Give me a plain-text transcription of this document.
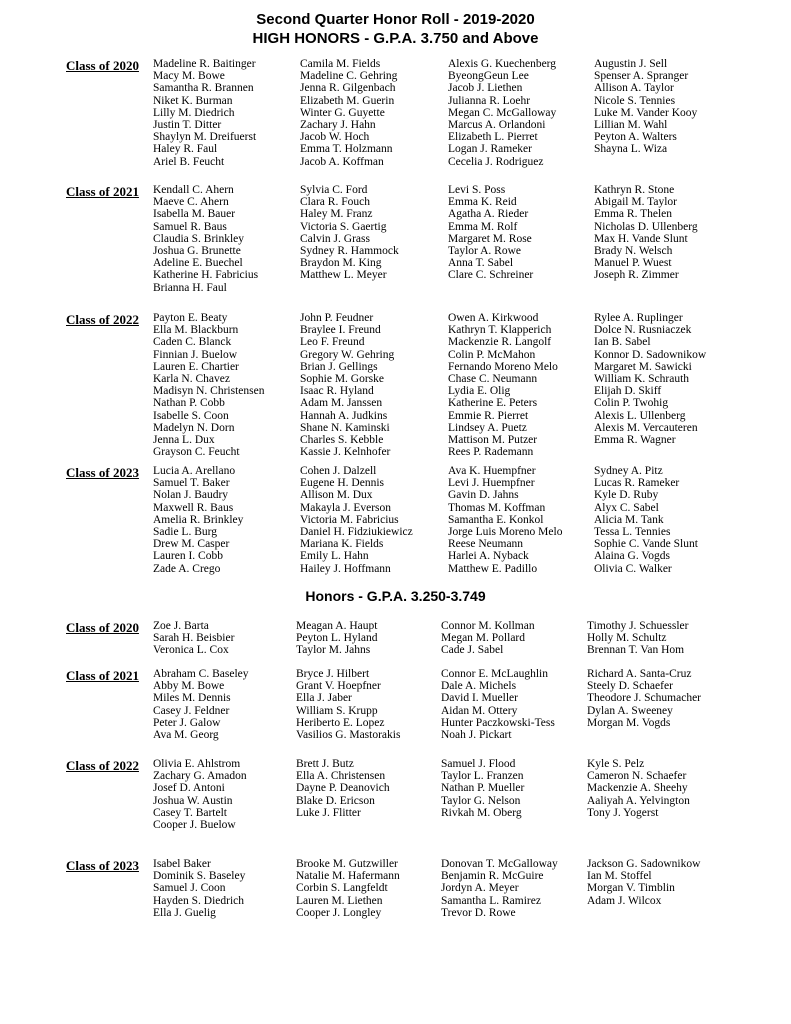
Second Quarter Honor Roll - 2019-2020
HIGH HONORS - G.P.A. 3.750 and Above
Class of 2020 Madeline R. Baitinger
Macy M. Bowe
Samantha R. Brannen
Niket K. Burman
Lilly M. Diedrich
Justin T. Ditter
Shaylyn M. Dreifuerst
Haley R. Faul
Ariel B. Feucht
Camila M. Fields
Madeline C. Gehring
Jenna R. Gilgenbach
Elizabeth M. Guerin
Winter G. Guyette
Zachary J. Hahn
Jacob W. Hoch
Emma T. Holzmann
Jacob A. Koffman
Alexis G. Kuechenberg
ByeongGeun Lee
Jacob J. Liethen
Julianna R. Loehr
Megan C. McGalloway
Marcus A. Orlandoni
Elizabeth L. Pierret
Logan J. Rameker
Cecelia J. Rodriguez
Augustin J. Sell
Spenser A. Spranger
Allison A. Taylor
Nicole S. Tennies
Luke M. Vander Kooy
Lillian M. Wahl
Peyton A. Walters
Shayna L. Wiza
Class of 2021 Kendall C. Ahern
Maeve C. Ahern
Isabella M. Bauer
Samuel R. Baus
Claudia S. Brinkley
Joshua G. Brunette
Adeline E. Buechel
Katherine H. Fabricius
Brianna H. Faul
Sylvia C. Ford
Clara R. Fouch
Haley M. Franz
Victoria S. Gaertig
Calvin J. Grass
Sydney R. Hammock
Braydon M. King
Matthew L. Meyer
Levi S. Poss
Emma K. Reid
Agatha A. Rieder
Emma M. Rolf
Margaret M. Rose
Taylor A. Rowe
Anna T. Sabel
Clare C. Schreiner
Kathryn R. Stone
Abigail M. Taylor
Emma R. Thelen
Nicholas D. Ullenberg
Max H. Vande Slunt
Brady N. Welsch
Manuel P. Wuest
Joseph R. Zimmer
Class of 2022 Payton E. Beaty
Ella M. Blackburn
Caden C. Blanck
Finnian J. Buelow
Lauren E. Chartier
Karla N. Chavez
Madisyn N. Christensen
Nathan P. Cobb
Isabelle S. Coon
Madelyn N. Dorn
Jenna L. Dux
Grayson C. Feucht
John P. Feudner
Braylee I. Freund
Leo F. Freund
Gregory W. Gehring
Brian J. Gellings
Sophie M. Gorske
Isaac R. Hyland
Adam M. Janssen
Hannah A. Judkins
Shane N. Kaminski
Charles S. Kebble
Kassie J. Kelnhofer
Owen A. Kirkwood
Kathryn T. Klapperich
Mackenzie R. Langolf
Colin P. McMahon
Fernando Moreno Melo
Chase C. Neumann
Lydia E. Olig
Katherine E. Peters
Emmie R. Pierret
Lindsey A. Puetz
Mattison M. Putzer
Rees P. Rademann
Rylee A. Ruplinger
Dolce N. Rusniaczek
Ian B. Sabel
Konnor D. Sadownikow
Margaret M. Sawicki
William K. Schrauth
Elijah D. Skiff
Colin P. Twohig
Alexis L. Ullenberg
Alexis M. Vercauteren
Emma R. Wagner
Class of 2023 Lucia A. Arellano
Samuel T. Baker
Nolan J. Baudry
Maxwell R. Baus
Amelia R. Brinkley
Sadie L. Burg
Drew M. Casper
Lauren I. Cobb
Zade A. Crego
Cohen J. Dalzell
Eugene H. Dennis
Allison M. Dux
Makayla J. Everson
Victoria M. Fabricius
Daniel H. Fidziukiewicz
Mariana K. Fields
Emily L. Hahn
Hailey J. Hoffmann
Ava K. Huempfner
Levi J. Huempfner
Gavin D. Jahns
Thomas M. Koffman
Samantha E. Konkol
Jorge Luis Moreno Melo
Reese Neumann
Harlei A. Nyback
Matthew E. Padillo
Sydney A. Pitz
Lucas R. Rameker
Kyle D. Ruby
Alyx C. Sabel
Alicia M. Tank
Tessa L. Tennies
Sophie C. Vande Slunt
Alaina G. Vogds
Olivia C. Walker
Honors - G.P.A. 3.250-3.749
Class of 2020 Zoe J. Barta
Sarah H. Beisbier
Veronica L. Cox
Meagan A. Haupt
Peyton L. Hyland
Taylor M. Jahns
Connor M. Kollman
Megan M. Pollard
Cade J. Sabel
Timothy J. Schuessler
Holly M. Schultz
Brennan T. Van Hom
Class of 2021 Abraham C. Baseley
Abby M. Bowe
Miles M. Dennis
Casey J. Feldner
Peter J. Galow
Ava M. Georg
Bryce J. Hilbert
Grant V. Hoepfner
Ella J. Jaber
William S. Krupp
Heriberto E. Lopez
Vasilios G. Mastorakis
Connor E. McLaughlin
Dale A. Michels
David I. Mueller
Aidan M. Ottery
Hunter Paczkowski-Tess
Noah J. Pickart
Richard A. Santa-Cruz
Steely D. Schaefer
Theodore J. Schumacher
Dylan A. Sweeney
Morgan M. Vogds
Class of 2022 Olivia E. Ahlstrom
Zachary G. Amadon
Josef D. Antoni
Joshua W. Austin
Casey T. Bartelt
Cooper J. Buelow
Brett J. Butz
Ella A. Christensen
Dayne P. Deanovich
Blake D. Ericson
Luke J. Flitter
Samuel J. Flood
Taylor L. Franzen
Nathan P. Mueller
Taylor G. Nelson
Rivkah M. Oberg
Kyle S. Pelz
Cameron N. Schaefer
Mackenzie A. Sheehy
Aaliyah A. Yelvington
Tony J. Yogerst
Class of 2023 Isabel Baker
Dominik S. Baseley
Samuel J. Coon
Hayden S. Diedrich
Ella J. Guelig
Brooke M. Gutzwiller
Natalie M. Hafermann
Corbin S. Langfeldt
Lauren M. Liethen
Cooper J. Longley
Donovan T. McGalloway
Benjamin R. McGuire
Jordyn A. Meyer
Samantha L. Ramirez
Trevor D. Rowe
Jackson G. Sadownikow
Ian M. Stoffel
Morgan V. Timblin
Adam J. Wilcox
